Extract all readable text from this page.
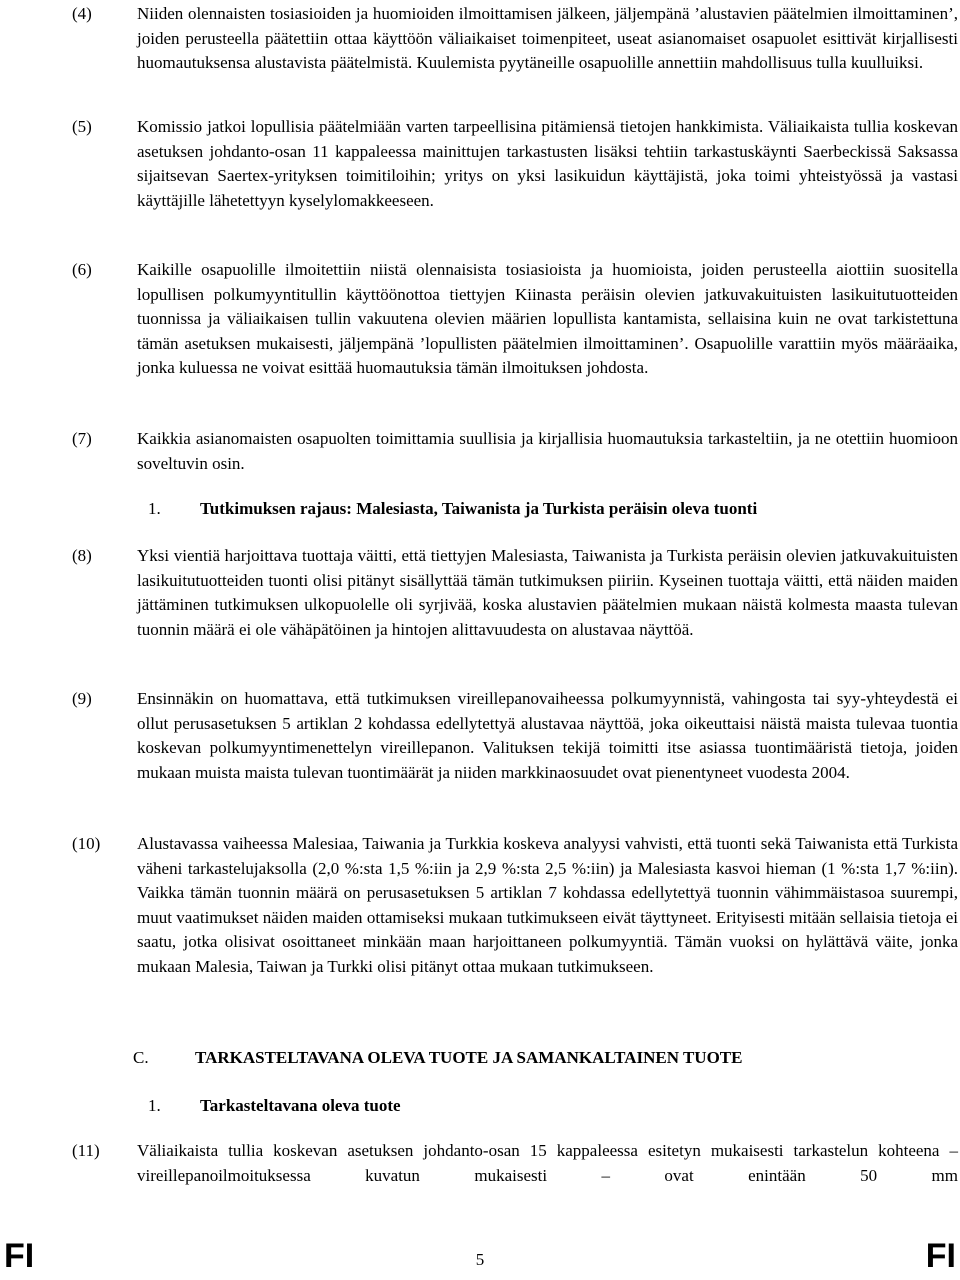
(4)	Niiden olennaisten tosiasioiden ja huomioiden ilmoittamisen jälkeen, jäljempänä ’alustavien päätelmien ilmoittaminen’, joiden perusteella päätettiin ottaa käyttöön väliaikaiset toimenpiteet, useat asianomaiset osapuolet esittivät kirjallisesti huomautuksensa alustavista päätelmistä. Kuulemista pyytäneille osapuolille annettiin mahdollisuus tulla kuulluiksi.
(5)	Komissio jatkoi lopullisia päätelmiään varten tarpeellisina pitämiensä tietojen hankkimista. Väliaikaista tullia koskevan asetuksen johdanto-osan 11 kappaleessa mainittujen tarkastusten lisäksi tehtiin tarkastuskäynti Saerbeckissä Saksassa sijaitsevan Saertex-yrityksen toimitiloihin; yritys on yksi lasikuidun käyttäjistä, joka toimi yhteistyössä ja vastasi käyttäjille lähetettyyn kyselylomakkeeseen.
(6)	Kaikille osapuolille ilmoitettiin niistä olennaisista tosiasioista ja huomioista, joiden perusteella aiottiin suositella lopullisen polkumyyntitullin käyttöönottoa tiettyjen Kiinasta peräisin olevien jatkuvakuituisten lasikuitutuotteiden tuonnissa ja väliaikaisen tullin vakuutena olevien määrien lopullista kantamista, sellaisina kuin ne ovat tarkistettuna tämän asetuksen mukaisesti, jäljempänä ’lopullisten päätelmien ilmoittaminen’. Osapuolille varattiin myös määräaika, jonka kuluessa ne voivat esittää huomautuksia tämän ilmoituksen johdosta.
(7)	Kaikkia asianomaisten osapuolten toimittamia suullisia ja kirjallisia huomautuksia tarkasteltiin, ja ne otettiin huomioon soveltuvin osin.
1. Tutkimuksen rajaus: Malesiasta, Taiwanista ja Turkista peräisin oleva tuonti
(8)	Yksi vientiä harjoittava tuottaja väitti, että tiettyjen Malesiasta, Taiwanista ja Turkista peräisin olevien jatkuvakuituisten lasikuitutuotteiden tuonti olisi pitänyt sisällyttää tämän tutkimuksen piiriin. Kyseinen tuottaja väitti, että näiden maiden jättäminen tutkimuksen ulkopuolelle oli syrjivää, koska alustavien päätelmien mukaan näistä kolmesta maasta tulevan tuonnin määrä ei ole vähäpätöinen ja hintojen alittavuudesta on alustavaa näyttöä.
(9)	Ensinnäkin on huomattava, että tutkimuksen vireillepanovaiheessa polkumyynnistä, vahingosta tai syy-yhteydestä ei ollut perusasetuksen 5 artiklan 2 kohdassa edellytettyä alustavaa näyttöä, joka oikeuttaisi näistä maista tulevaa tuontia koskevan polkumyyntimenettelyn vireillepanon. Valituksen tekijä toimitti itse asiassa tuontimääristä tietoja, joiden mukaan muista maista tulevan tuontimäärät ja niiden markkinaosuudet ovat pienentyneet vuodesta 2004.
(10)	Alustavassa vaiheessa Malesiaa, Taiwania ja Turkkia koskeva analyysi vahvisti, että tuonti sekä Taiwanista että Turkista väheni tarkastelujaksolla (2,0 %:sta 1,5 %:iin ja 2,9 %:sta 2,5 %:iin) ja Malesiasta kasvoi hieman (1 %:sta 1,7 %:iin). Vaikka tämän tuonnin määrä on perusasetuksen 5 artiklan 7 kohdassa edellytettyä tuonnin vähimmäistasoa suurempi, muut vaatimukset näiden maiden ottamiseksi mukaan tutkimukseen eivät täyttyneet. Erityisesti mitään sellaisia tietoja ei saatu, jotka olisivat osoittaneet minkään maan harjoittaneen polkumyyntiä. Tämän vuoksi on hylättävä väite, jonka mukaan Malesia, Taiwan ja Turkki olisi pitänyt ottaa mukaan tutkimukseen.
C.	TARKASTELTAVANA OLEVA TUOTE JA SAMANKALTAINEN TUOTE
1. Tarkasteltavana oleva tuote
(11)	Väliaikaista tullia koskevan asetuksen johdanto-osan 15 kappaleessa esitetyn mukaisesti tarkastelun kohteena – vireillepanoilmoituksessa kuvatun mukaisesti – ovat enintään 50 mm
FI	5	FI
